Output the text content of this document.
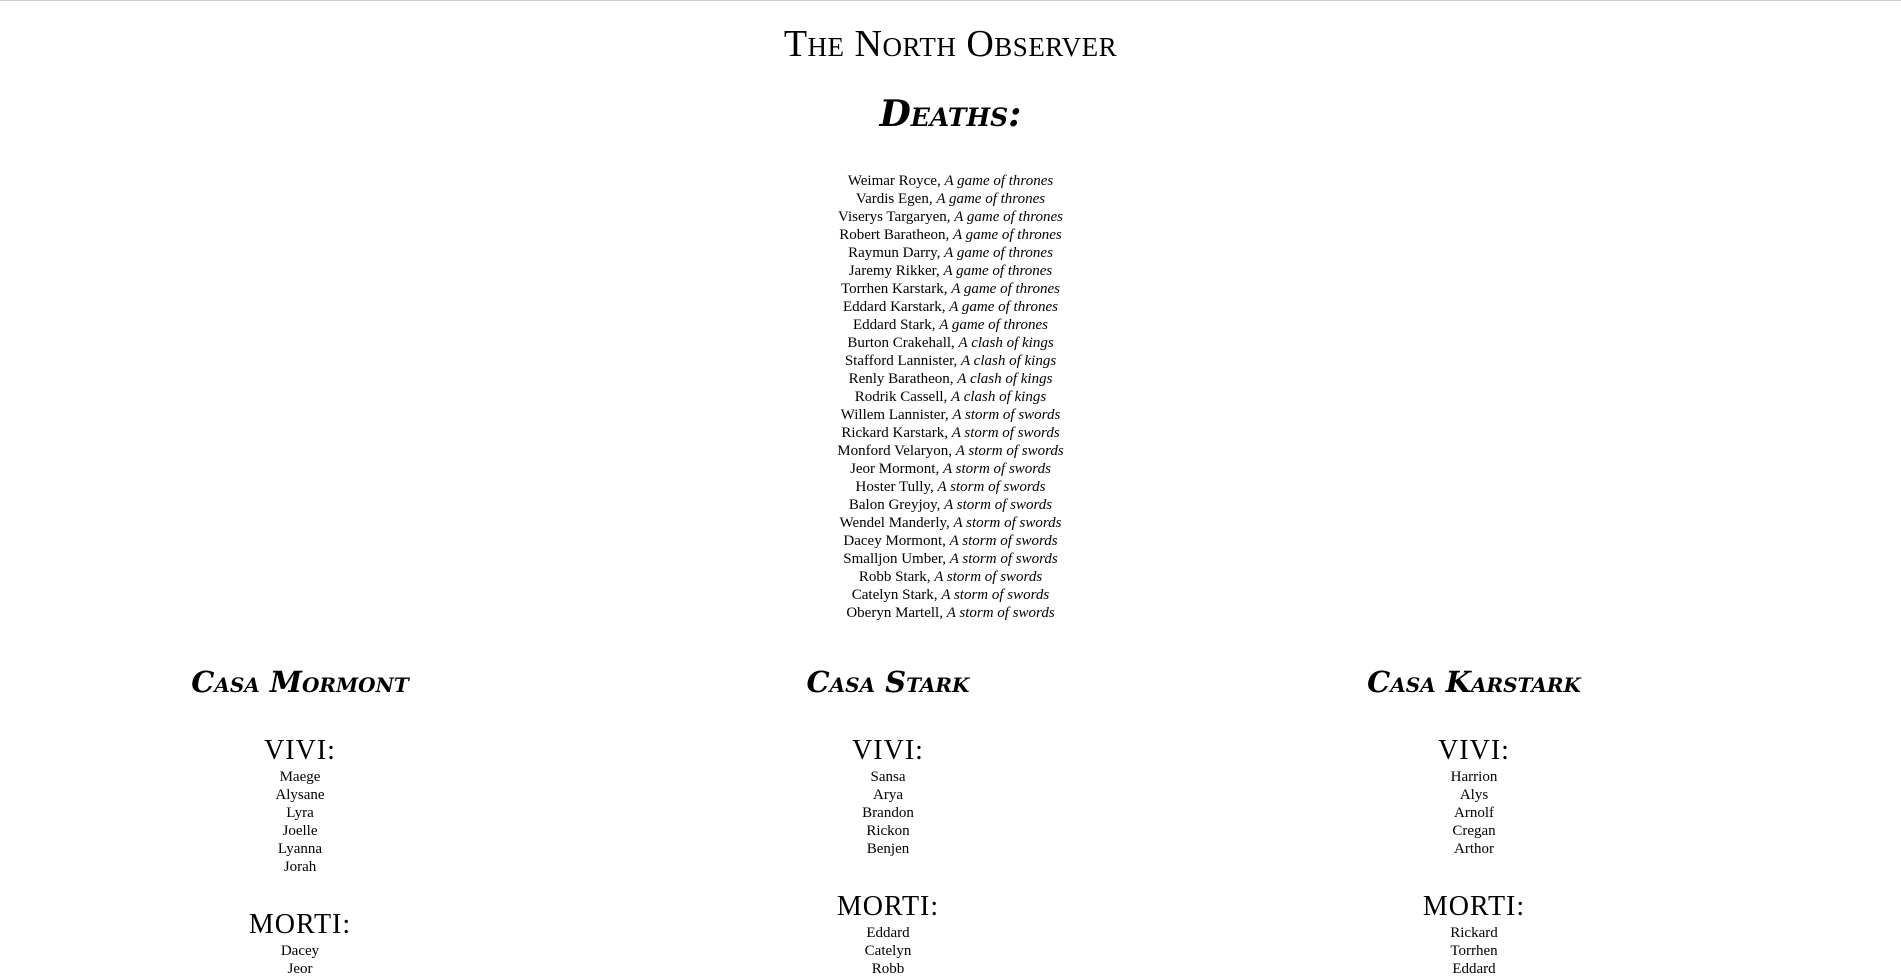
The North Observer
Deaths:
Weimar Royce, A game of thrones
Vardis Egen, A game of thrones
Viserys Targaryen, A game of thrones
Robert Baratheon, A game of thrones
Raymun Darry, A game of thrones
Jaremy Rikker, A game of thrones
Torrhen Karstark, A game of thrones
Eddard Karstark, A game of thrones
Eddard Stark, A game of thrones
Burton Crakehall, A clash of kings
Stafford Lannister, A clash of kings
Renly Baratheon, A clash of kings
Rodrik Cassell, A clash of kings
Willem Lannister, A storm of swords
Rickard Karstark, A storm of swords
Monford Velaryon, A storm of swords
Jeor Mormont, A storm of swords
Hoster Tully, A storm of swords
Balon Greyjoy, A storm of swords
Wendel Manderly, A storm of swords
Dacey Mormont, A storm of swords
Smalljon Umber, A storm of swords
Robb Stark, A storm of swords
Catelyn Stark, A storm of swords
Oberyn Martell, A storm of swords
Casa Mormont
VIVI:
Maege
Alysane
Lyra
Joelle
Lyanna
Jorah
MORTI:
Dacey
Jeor
Casa Stark
VIVI:
Sansa
Arya
Brandon
Rickon
Benjen
MORTI:
Eddard
Catelyn
Robb
Casa Karstark
VIVI:
Harrion
Alys
Arnolf
Cregan
Arthor
MORTI:
Rickard
Torrhen
Eddard
